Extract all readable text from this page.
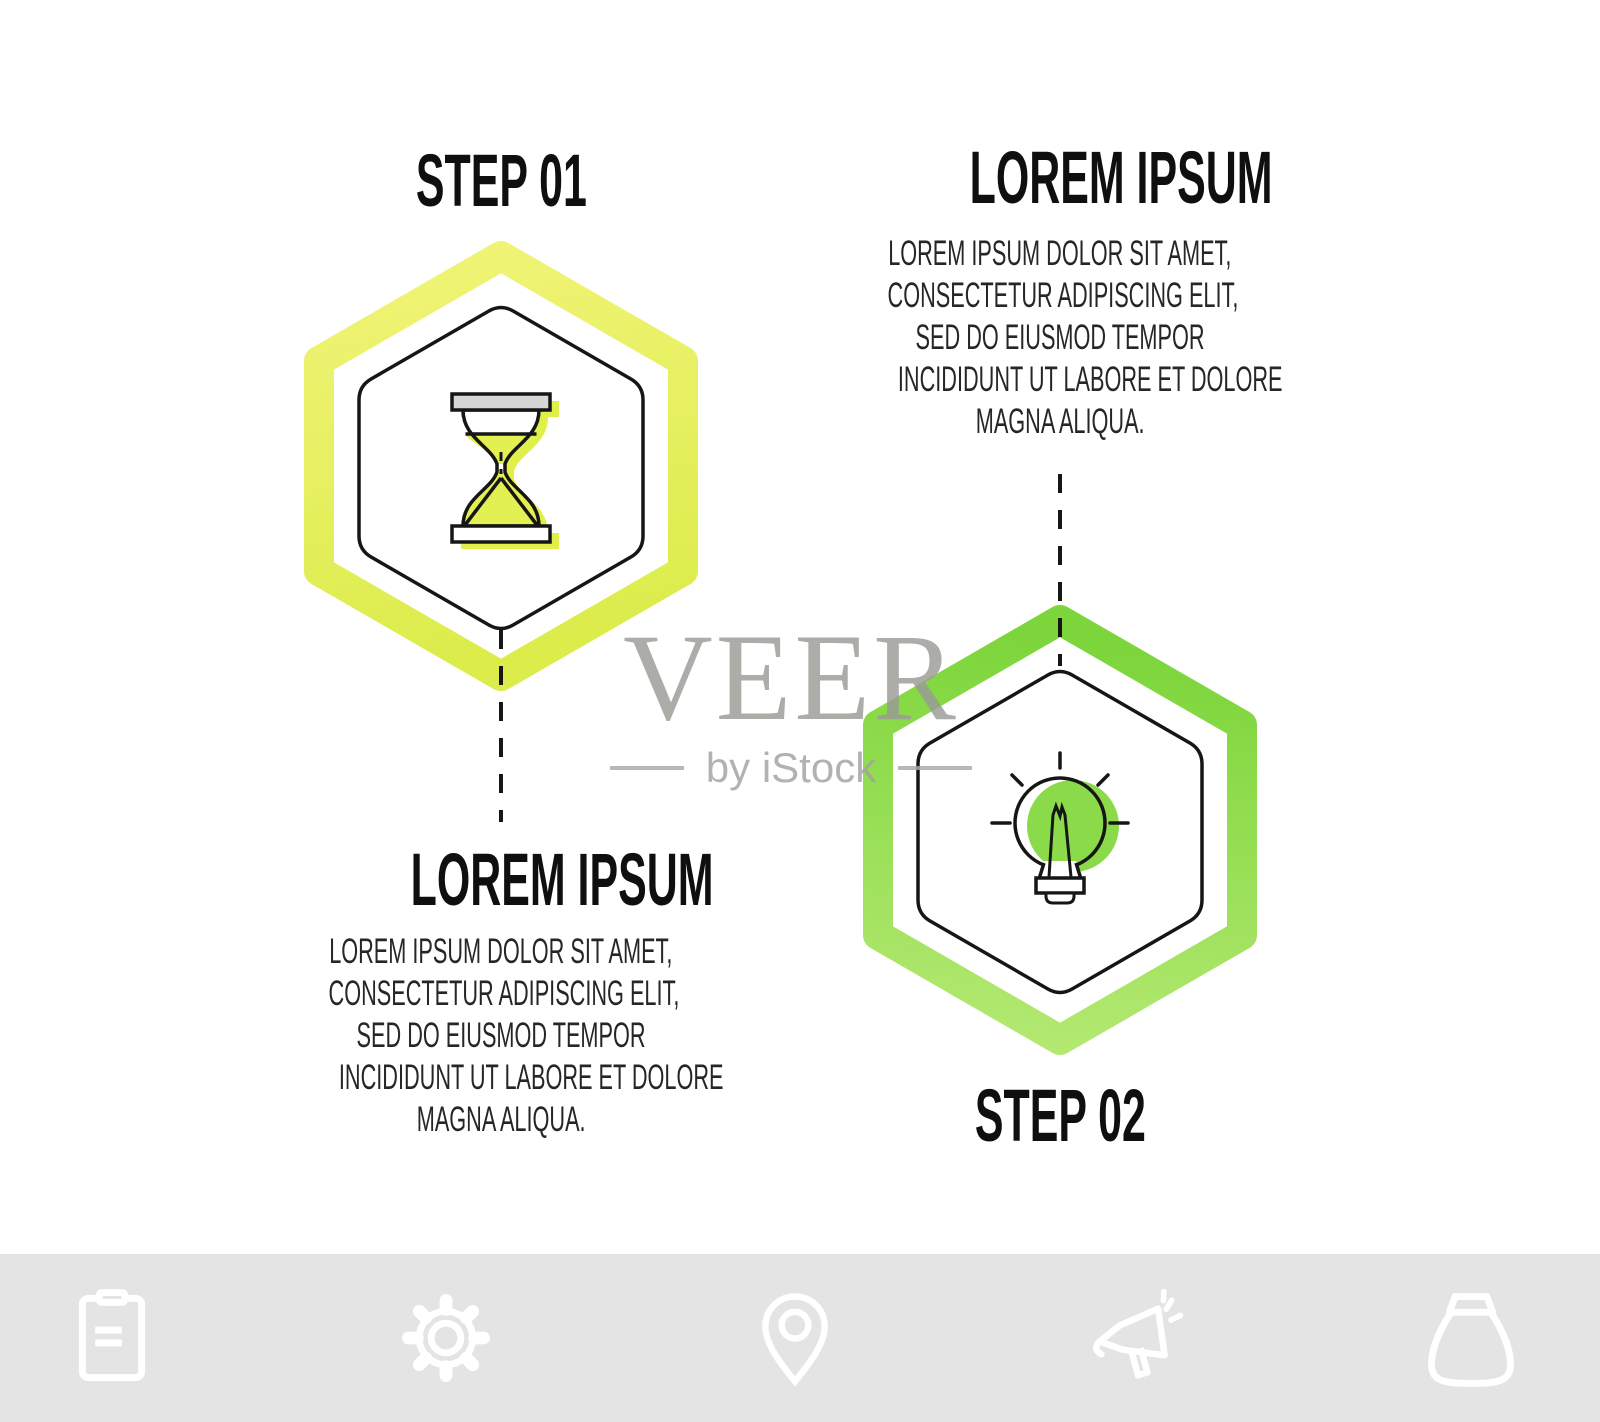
STEP 01	LOREM IPSUM
LOREM IPSUM DOLOR SIT AMET,
CONSECTETUR ADIPISCING ELIT,
SED DO EIUSMOD TEMPOR
INCIDIDUNT UT LABORE ET DOLORE
MAGNA ALIQUA.
LOREM IPSUM
LOREM IPSUM DOLOR SIT AMET,
CONSECTETUR ADIPISCING ELIT,
SED DO EIUSMOD TEMPOR
INCIDIDUNT UT LABORE ET DOLORE
MAGNA ALIQUA.	STEP 02
VEER
by iStock
